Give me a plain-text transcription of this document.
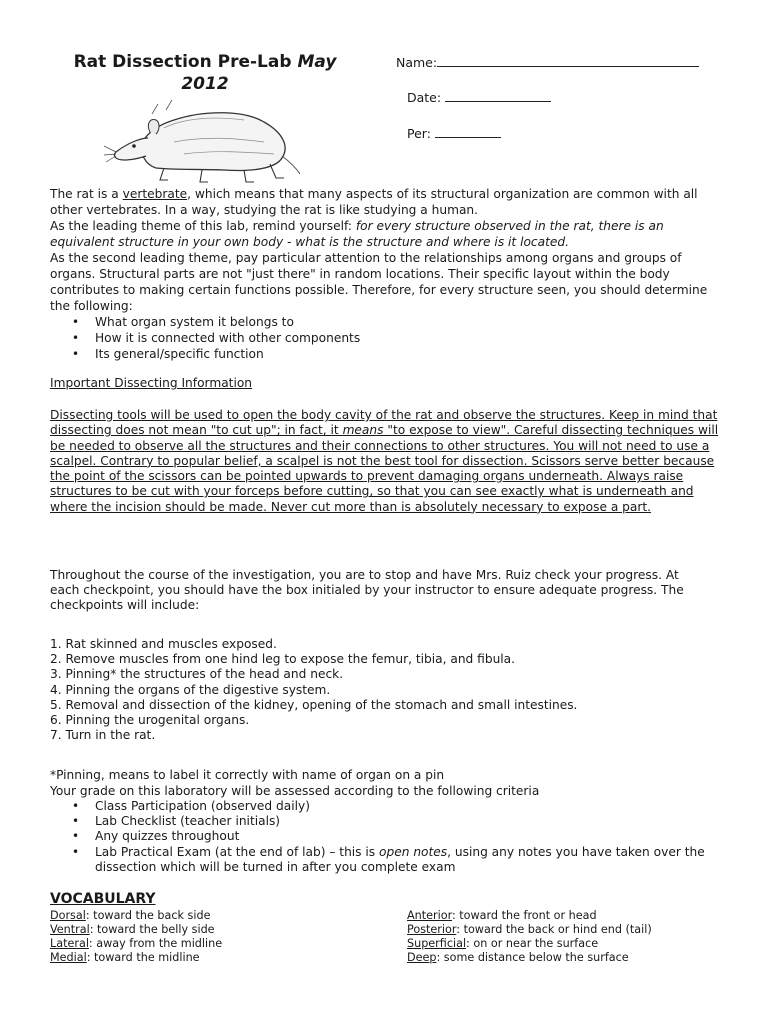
Rat Dissection Pre-Lab May
2012
Name:
Date:
Per:

The rat is a vertebrate, which means that many aspects of its structural organization are common with all other vertebrates. In a way, studying the rat is like studying a human.

As the leading theme of this lab, remind yourself: for every structure observed in the rat, there is an equivalent structure in your own body - what is the structure and where is it located.

As the second leading theme, pay particular attention to the relationships among organs and groups of organs. Structural parts are not "just there" in random locations. Their specific layout within the body contributes to making certain functions possible. Therefore, for every structure seen, you should determine the following:

• What organ system it belongs to
• How it is connected with other components
• Its general/specific function
Important Dissecting Information
Dissecting tools will be used to open the body cavity of the rat and observe the structures. Keep in mind that dissecting does not mean "to cut up"; in fact, it means "to expose to view". Careful dissecting techniques will be needed to observe all the structures and their connections to other structures. You will not need to use a scalpel. Contrary to popular belief, a scalpel is not the best tool for dissection. Scissors serve better because the point of the scissors can be pointed upwards to prevent damaging organs underneath. Always raise structures to be cut with your forceps before cutting, so that you can see exactly what is underneath and where the incision should be made. Never cut more than is absolutely necessary to expose a part.
Throughout the course of the investigation, you are to stop and have Mrs. Ruiz check your progress. At each checkpoint, you should have the box initialed by your instructor to ensure adequate progress. The checkpoints will include:
1. Rat skinned and muscles exposed.
2. Remove muscles from one hind leg to expose the femur, tibia, and fibula.
3. Pinning* the structures of the head and neck.
4. Pinning the organs of the digestive system.
5. Removal and dissection of the kidney, opening of the stomach and small intestines.
6. Pinning the urogenital organs.
7. Turn in the rat.
*Pinning, means to label it correctly with name of organ on a pin
Your grade on this laboratory will be assessed according to the following criteria
• Class Participation (observed daily)
• Lab Checklist (teacher initials)
• Any quizzes throughout
• Lab Practical Exam (at the end of lab) – this is open notes, using any notes you have taken over the dissection which will be turned in after you complete exam
VOCABULARY
Dorsal: toward the back side
Ventral: toward the belly side
Lateral: away from the midline
Medial: toward the midline
Anterior: toward the front or head
Posterior: toward the back or hind end (tail)
Superficial: on or near the surface
Deep: some distance below the surface
